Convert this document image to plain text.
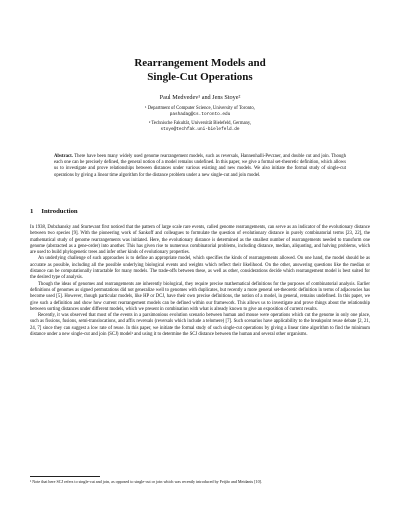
Rearrangement Models and
Single-Cut Operations
Paul Medvedev¹ and Jens Stoye²
¹ Department of Computer Science, University of Toronto,
pashadag@cs.toronto.edu
² Technische Fakultät, Universität Bielefeld, Germany,
stoye@techfak.uni-bielefeld.de
Abstract. There have been many widely used genome rearrangement models, such as reversals, Hannenhalli-Pevzner, and double cut and join. Though each one can be precisely defined, the general notion of a model remains undefined. In this paper, we give a formal set-theoretic definition, which allows us to investigate and prove relationships between distances under various existing and new models. We also initiate the formal study of single-cut operations by giving a linear time algorithm for the distance problem under a new single-cut and join model.
1 Introduction

In 1938, Dobzhansky and Sturtevant first noticed that the pattern of large scale rare events, called genome rearrangements, can serve as an indicator of the evolutionary distance between two species [9]. With the pioneering work of Sankoff and colleagues to formulate the question of evolutionary distance in purely combinatorial terms [23, 22], the mathematical study of genome rearrangements was initiated. Here, the evolutionary distance is determined as the smallest number of rearrangements needed to transform one genome (abstracted as a gene-order) into another. This has given rise to numerous combinatorial problems, including distance, median, aliquoting, and halving problems, which are used to build phylogenetic trees and infer other kinds of evolutionary properties.

An underlying challenge of such approaches is to define an appropriate model, which specifies the kinds of rearrangements allowed. On one hand, the model should be as accurate as possible, including all the possible underlying biological events and weights which reflect their likelihood. On the other, answering questions like the median or distance can be computationally intractable for many models. The trade-offs between these, as well as other, considerations decide which rearrangement model is best suited for the desired type of analysis.

Though the ideas of genomes and rearrangements are inherently biological, they require precise mathematical definitions for the purposes of combinatorial analysis. Earlier definitions of genomes as signed permutations did not generalize well to genomes with duplicates, but recently a more general set-theoretic definition in terms of adjacencies has become used [5]. However, though particular models, like HP or DCJ, have their own precise definitions, the notion of a model, in general, remains undefined. In this paper, we give such a definition and show how current rearrangement models can be defined within our framework. This allows us to investigate and prove things about the relationship between sorting distances under different models, which we present in combination with what is already known to give an exposition of current results.

Recently, it was observed that most of the events in a parsimonious evolution scenario between human and mouse were operations which cut the genome in only one place, such as fissions, fusions, semi-translocations, and affix reversals (reversals which include a telomere) [7]. Such scenarios have applicability to the breakpoint reuse debate [2, 21, 24, 7] since they can suggest a low rate of reuse. In this paper, we initiate the formal study of such single-cut operations by giving a linear time algorithm to find the minimum distance under a new single-cut and join (SCJ) model¹ and using it to determine the SCJ distance between the human and several other organisms.

¹ Note that here SCJ refers to single-cut and join, as opposed to single-cut or join which was recently introduced by Feijão and Meidanis [10].
